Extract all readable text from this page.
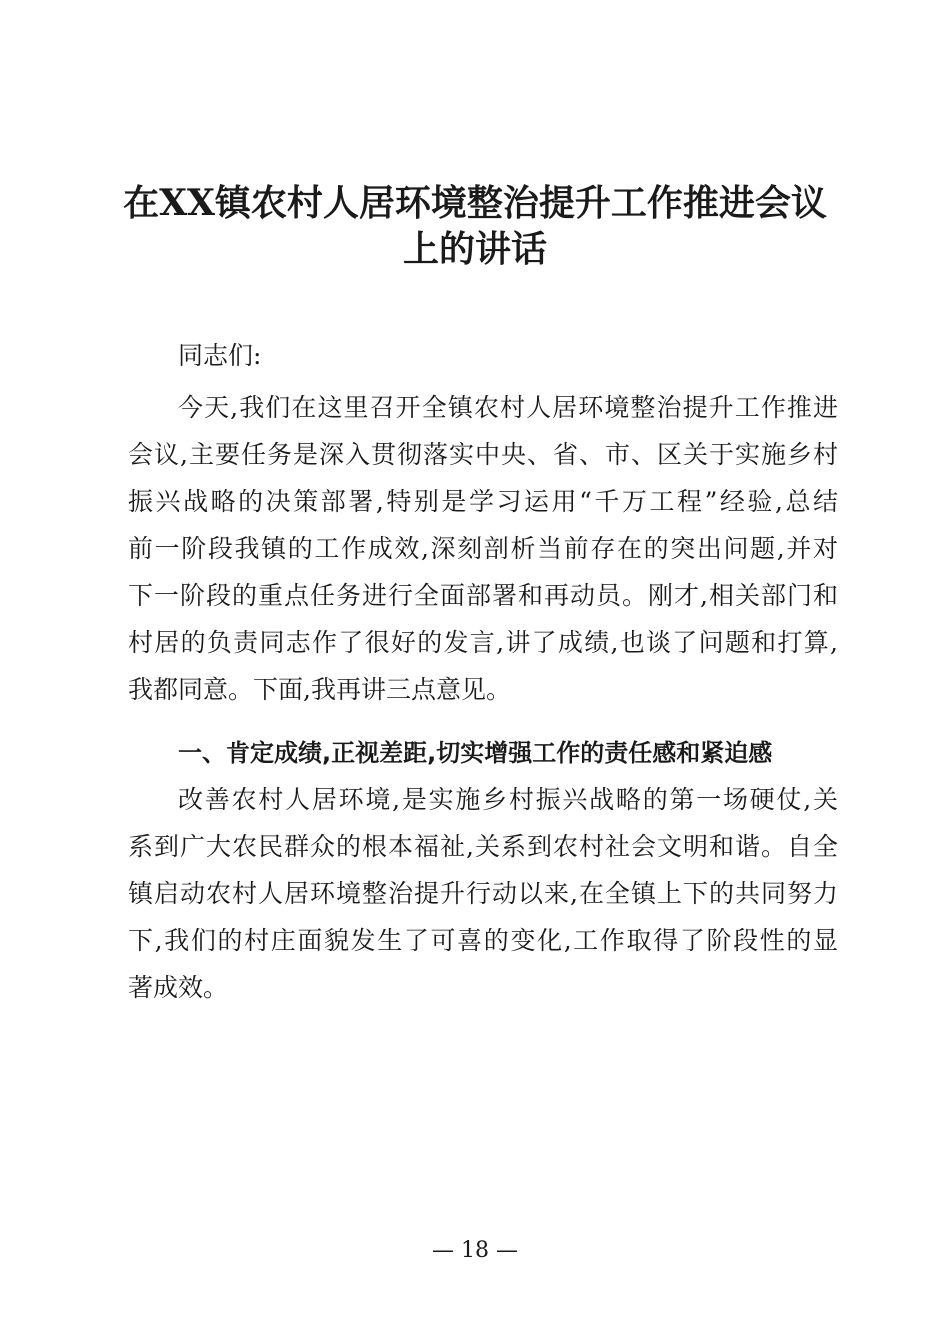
在XX镇农村人居环境整治提升工作推进会议
上的讲话

同志们:

今天,我们在这里召开全镇农村人居环境整治提升工作推进

会议,主要任务是深入贯彻落实中央、省、市、区关于实施乡村

振兴战略的决策部署,特别是学习运用“千万工程”经验,总结

前一阶段我镇的工作成效,深刻剖析当前存在的突出问题,并对

下一阶段的重点任务进行全面部署和再动员。刚才,相关部门和

村居的负责同志作了很好的发言,讲了成绩,也谈了问题和打算,

我都同意。下面,我再讲三点意见。

一、肯定成绩,正视差距,切实增强工作的责任感和紧迫感

改善农村人居环境,是实施乡村振兴战略的第一场硬仗,关

系到广大农民群众的根本福祉,关系到农村社会文明和谐。自全

镇启动农村人居环境整治提升行动以来,在全镇上下的共同努力

下,我们的村庄面貌发生了可喜的变化,工作取得了阶段性的显

著成效。

— 18 —
